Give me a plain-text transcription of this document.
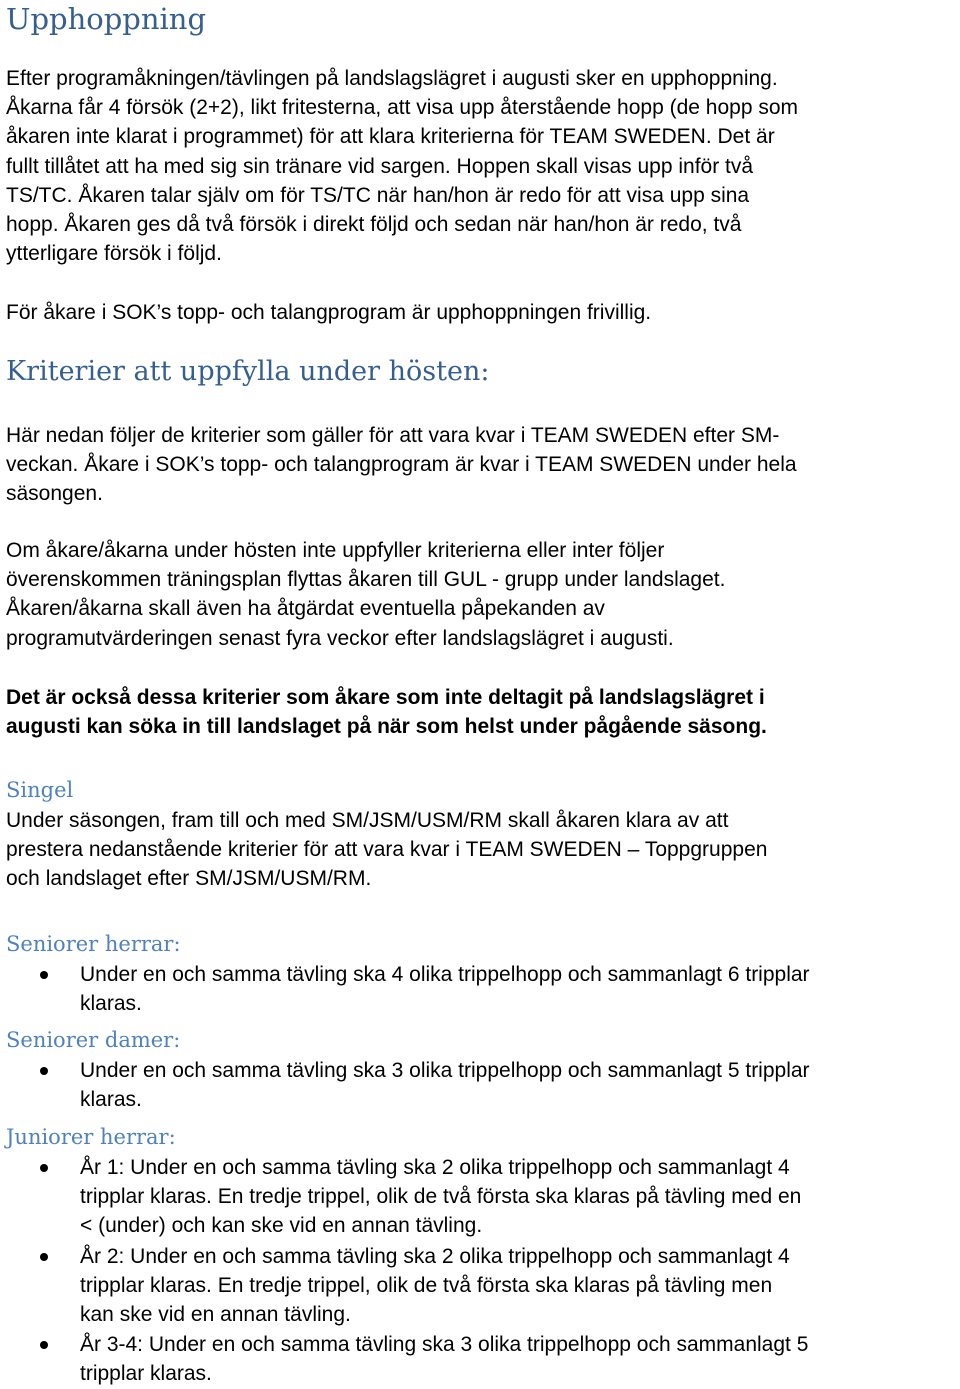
Upphoppning
Efter programåkningen/tävlingen på landslagslägret i augusti sker en upphoppning.
Åkarna får 4 försök (2+2), likt fritesterna, att visa upp återstående hopp (de hopp som
åkaren inte klarat i programmet) för att klara kriterierna för TEAM SWEDEN. Det är
fullt tillåtet att ha med sig sin tränare vid sargen. Hoppen skall visas upp inför två
TS/TC. Åkaren talar själv om för TS/TC när han/hon är redo för att visa upp sina
hopp. Åkaren ges då två försök i direkt följd och sedan när han/hon är redo, två
ytterligare försök i följd.
För åkare i SOK’s topp- och talangprogram är upphoppningen frivillig.
Kriterier att uppfylla under hösten:
Här nedan följer de kriterier som gäller för att vara kvar i TEAM SWEDEN efter SM-
veckan. Åkare i SOK’s topp- och talangprogram är kvar i TEAM SWEDEN under hela
säsongen.
Om åkare/åkarna under hösten inte uppfyller kriterierna eller inter följer
överenskommen träningsplan flyttas åkaren till GUL - grupp under landslaget.
Åkaren/åkarna skall även ha åtgärdat eventuella påpekanden av
programutvärderingen senast fyra veckor efter landslagslägret i augusti.
Det är också dessa kriterier som åkare som inte deltagit på landslagslägret i
augusti kan söka in till landslaget på när som helst under pågående säsong.
Singel
Under säsongen, fram till och med SM/JSM/USM/RM skall åkaren klara av att
prestera nedanstående kriterier för att vara kvar i TEAM SWEDEN – Toppgruppen
och landslaget efter SM/JSM/USM/RM.
Seniorer herrar:
Under en och samma tävling ska 4 olika trippelhopp och sammanlagt 6 tripplar
klaras.
Seniorer damer:
Under en och samma tävling ska 3 olika trippelhopp och sammanlagt 5 tripplar
klaras.
Juniorer herrar:
År 1: Under en och samma tävling ska 2 olika trippelhopp och sammanlagt 4
tripplar klaras. En tredje trippel, olik de två första ska klaras på tävling med en
< (under) och kan ske vid en annan tävling.
År 2: Under en och samma tävling ska 2 olika trippelhopp och sammanlagt 4
tripplar klaras. En tredje trippel, olik de två första ska klaras på tävling men
kan ske vid en annan tävling.
År 3-4: Under en och samma tävling ska 3 olika trippelhopp och sammanlagt 5
tripplar klaras.
